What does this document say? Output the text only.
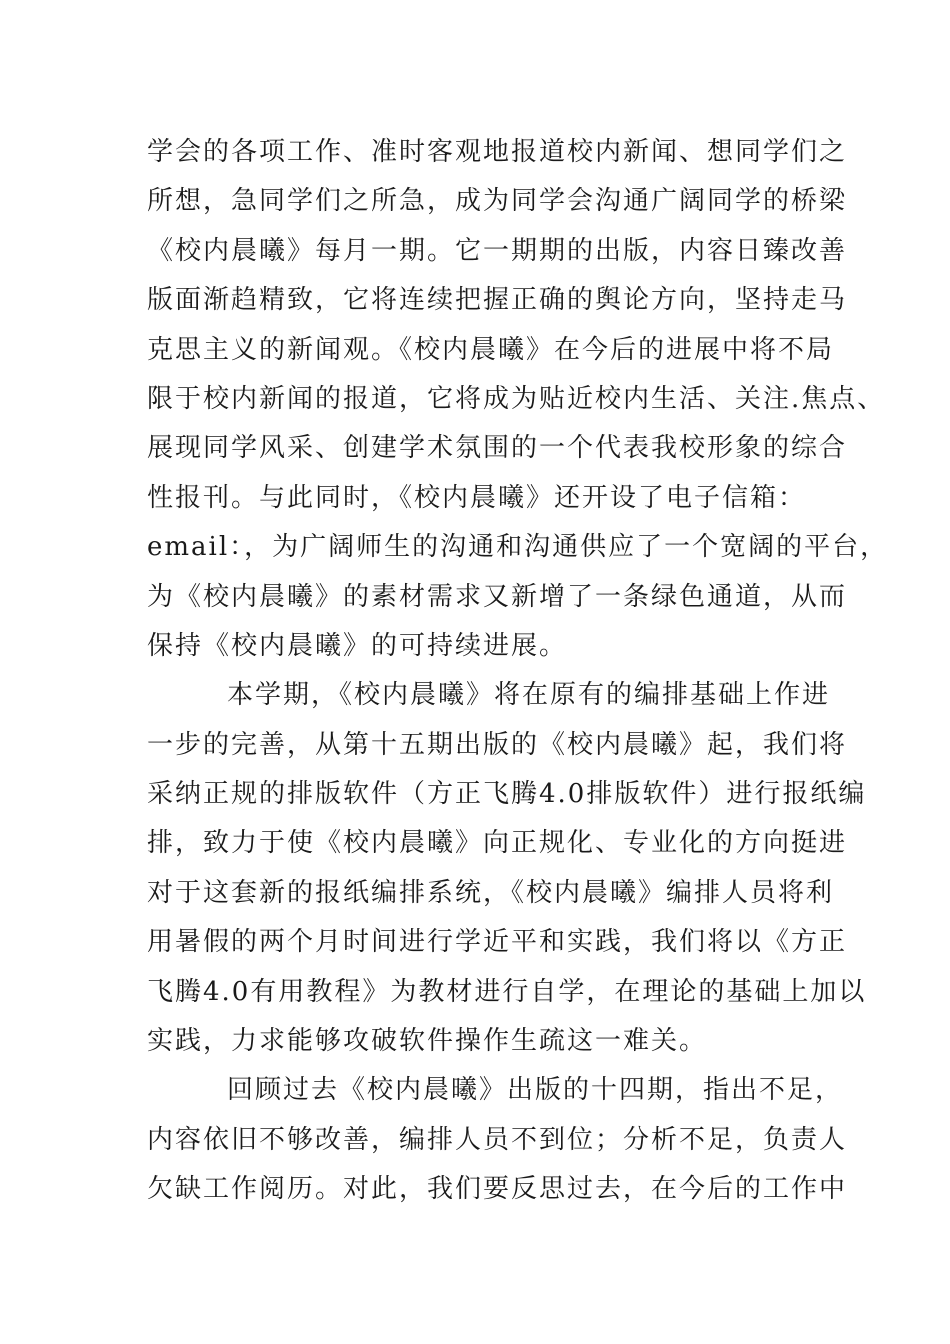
学会的各项工作、准时客观地报道校内新闻、想同学们之
所想，急同学们之所急，成为同学会沟通广阔同学的桥梁
《校内晨曦》每月一期。它一期期的出版，内容日臻改善
版面渐趋精致，它将连续把握正确的舆论方向，坚持走马
克思主义的新闻观。《校内晨曦》在今后的进展中将不局
限于校内新闻的报道，它将成为贴近校内生活、关注.焦点、
展现同学风采、创建学术氛围的一个代表我校形象的综合
性报刊。与此同时，《校内晨曦》还开设了电子信箱：
email：，为广阔师生的沟通和沟通供应了一个宽阔的平台，
为《校内晨曦》的素材需求又新增了一条绿色通道，从而
保持《校内晨曦》的可持续进展。
本学期，《校内晨曦》将在原有的编排基础上作进
一步的完善，从第十五期出版的《校内晨曦》起，我们将
采纳正规的排版软件（方正飞腾4.0排版软件）进行报纸编
排，致力于使《校内晨曦》向正规化、专业化的方向挺进
对于这套新的报纸编排系统，《校内晨曦》编排人员将利
用暑假的两个月时间进行学近平和实践，我们将以《方正
飞腾4.0有用教程》为教材进行自学，在理论的基础上加以
实践，力求能够攻破软件操作生疏这一难关。
回顾过去《校内晨曦》出版的十四期，指出不足，
内容依旧不够改善，编排人员不到位；分析不足，负责人
欠缺工作阅历。对此，我们要反思过去，在今后的工作中
